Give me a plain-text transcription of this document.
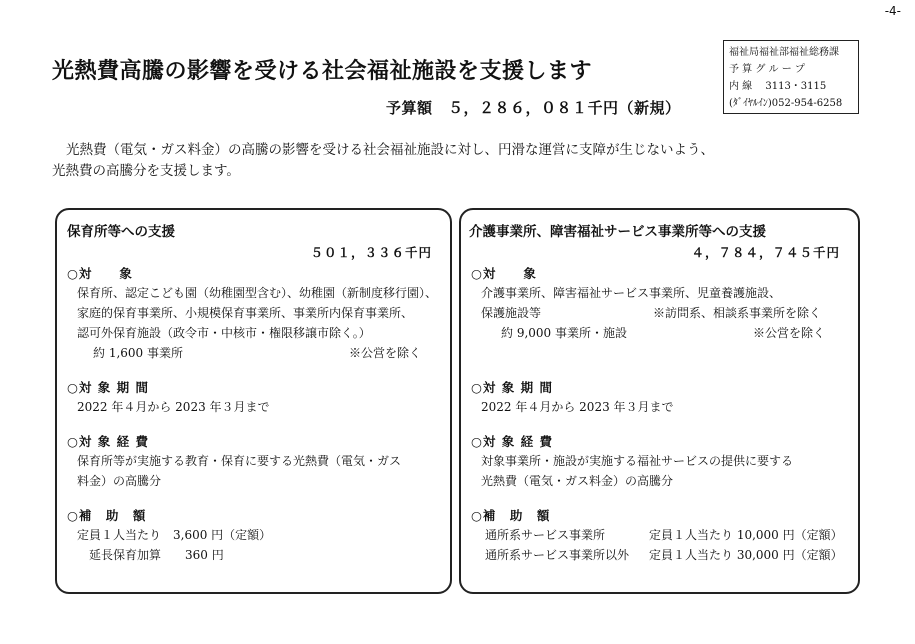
-4-
光熱費高騰の影響を受ける社会福祉施設を支援します
予算額　５，２８６，０８１千円（新規）
福祉局福祉部福祉総務課
予 算 グ ル ー プ
内 線　 3113・3115
(ﾀﾞｲﾔﾙｲﾝ)052-954-6258
光熱費（電気・ガス料金）の高騰の影響を受ける社会福祉施設に対し、円滑な運営に支障が生じないよう、
光熱費の高騰分を支援します。
保育所等への支援
５０１，３３６千円
○対　　象
保育所、認定こども園（幼稚園型含む）、幼稚園（新制度移行園）、
家庭的保育事業所、小規模保育事業所、事業所内保育事業所、
認可外保育施設（政令市・中核市・権限移譲市除く。）
約 1,600 事業所	※公営を除く
○対 象 期 間
2022 年４月から 2023 年３月まで
○対 象 経 費
保育所等が実施する教育・保育に要する光熱費（電気・ガス
料金）の高騰分
○補　助　額
定員１人当たり　3,600 円（定額）
延長保育加算　　360 円
介護事業所、障害福祉サービス事業所等への支援
４，７８４，７４５千円
○対　　象
介護事業所、障害福祉サービス事業所、児童養護施設、
保護施設等	※訪問系、相談系事業所を除く
約 9,000 事業所・施設	※公営を除く
○対 象 期 間
2022 年４月から 2023 年３月まで
○対 象 経 費
対象事業所・施設が実施する福祉サービスの提供に要する
光熱費（電気・ガス料金）の高騰分
○補　助　額
通所系サービス事業所	定員１人当たり 10,000 円（定額）
通所系サービス事業所以外 定員１人当たり 30,000 円（定額）
